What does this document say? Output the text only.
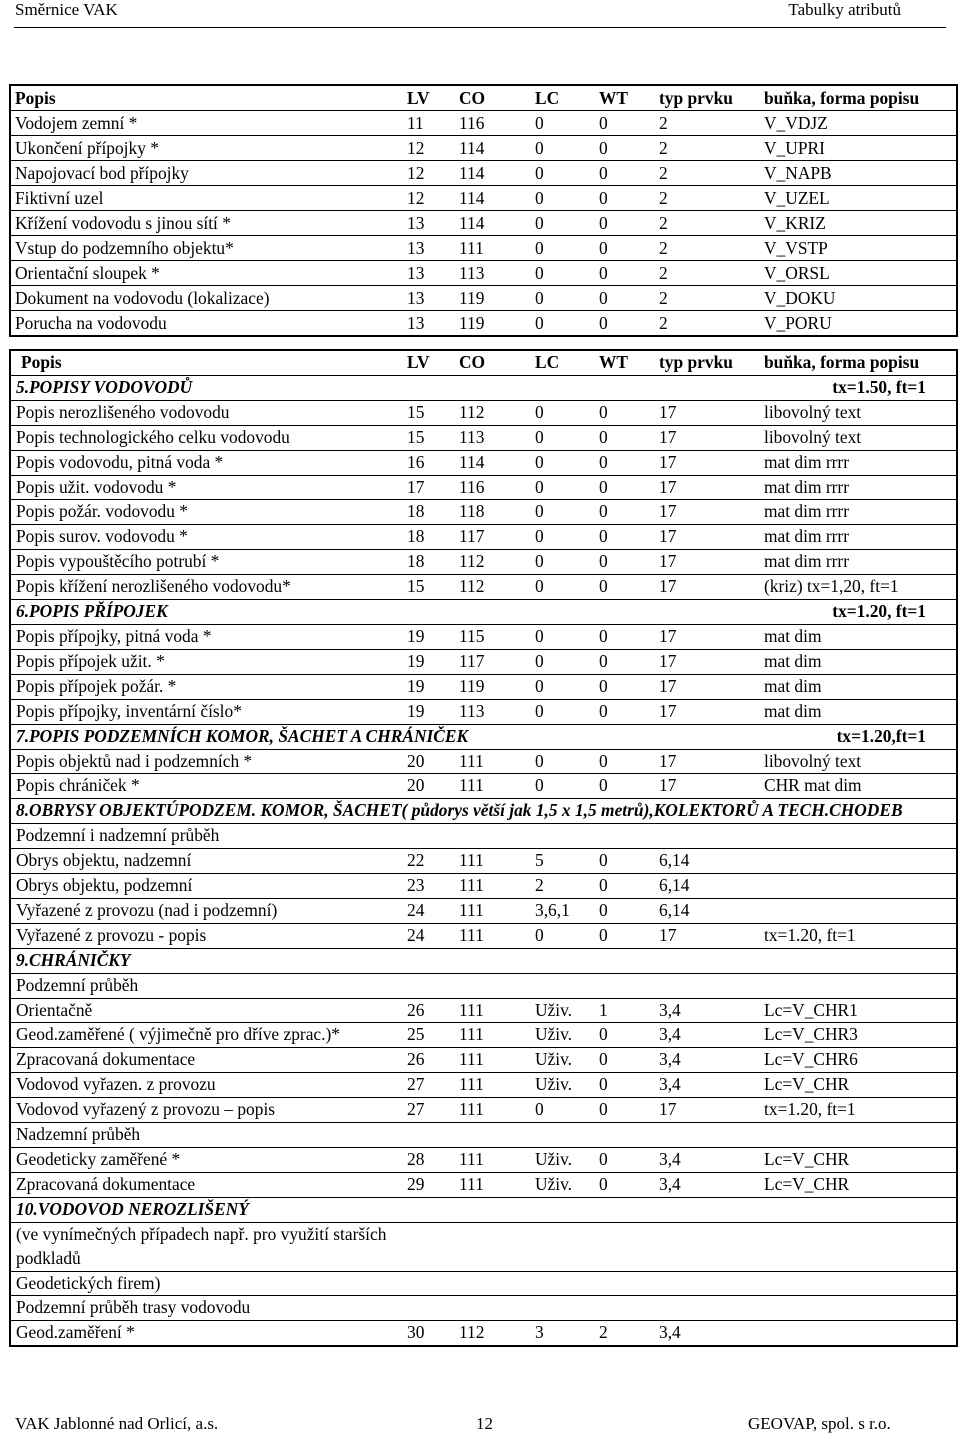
Směrnice VAK	Tabulky atributů
Popis	LV	CO	LC	WT	typ prvku	buňka, forma popisu
Vodojem zemní *	11	116	0	0	2	V_VDJZ
Ukončení přípojky *	12	114	0	0	2	V_UPRI
Napojovací bod přípojky	12	114	0	0	2	V_NAPB
Fiktivní uzel	12	114	0	0	2	V_UZEL
Křížení vodovodu s jinou sítí *	13	114	0	0	2	V_KRIZ
Vstup do podzemního objektu*	13	111	0	0	2	V_VSTP
Orientační sloupek *	13	113	0	0	2	V_ORSL
Dokument na vodovodu (lokalizace)	13	119	0	0	2	V_DOKU
Porucha na vodovodu	13	119	0	0	2	V_PORU
Popis	LV	CO	LC	WT	typ prvku	buňka, forma popisu
5.POPISY VODOVODŮ						tx=1.50, ft=1
Popis nerozlišeného vodovodu	15	112	0	0	17	libovolný text
Popis technologického celku vodovodu	15	113	0	0	17	libovolný text
Popis vodovodu, pitná voda *	16	114	0	0	17	mat dim rrrr
Popis užit. vodovodu *	17	116	0	0	17	mat dim rrrr
Popis požár. vodovodu *	18	118	0	0	17	mat dim rrrr
Popis surov. vodovodu *	18	117	0	0	17	mat dim rrrr
Popis vypouštěcího potrubí *	18	112	0	0	17	mat dim rrrr
Popis křížení nerozlišeného vodovodu*	15	112	0	0	17	(kriz) tx=1,20, ft=1
6.POPIS PŘÍPOJEK						tx=1.20, ft=1
Popis přípojky, pitná voda *	19	115	0	0	17	mat dim
Popis přípojek užit. *	19	117	0	0	17	mat dim
Popis přípojek požár. *	19	119	0	0	17	mat dim
Popis přípojky, inventární číslo*	19	113	0	0	17	mat dim
7.POPIS PODZEMNÍCH KOMOR, ŠACHET A CHRÁNIČEK						tx=1.20,ft=1
Popis objektů nad i podzemních *	20	111	0	0	17	libovolný text
Popis chrániček *	20	111	0	0	17	CHR mat dim
8.OBRYSY OBJEKTÚPODZEM. KOMOR, ŠACHET( půdorys větší jak 1,5 x 1,5 metrů),KOLEKTORŮ A TECH.CHODEB						
Podzemní i nadzemní průběh						
Obrys objektu, nadzemní	22	111	5	0	6,14	
Obrys objektu, podzemní	23	111	2	0	6,14	
Vyřazené z provozu (nad i podzemní)	24	111	3,6,1	0	6,14	
Vyřazené z provozu - popis	24	111	0	0	17	tx=1.20, ft=1
9.CHRÁNIČKY						
Podzemní průběh						
Orientačně	26	111	Uživ.	1	3,4	Lc=V_CHR1
Geod.zaměřené ( výjimečně pro dříve zprac.)*	25	111	Uživ.	0	3,4	Lc=V_CHR3
Zpracovaná dokumentace	26	111	Uživ.	0	3,4	Lc=V_CHR6
Vodovod vyřazen. z provozu	27	111	Uživ.	0	3,4	Lc=V_CHR
Vodovod vyřazený z provozu – popis	27	111	0	0	17	tx=1.20, ft=1
Nadzemní průběh						
Geodeticky zaměřené *	28	111	Uživ.	0	3,4	Lc=V_CHR
Zpracovaná dokumentace	29	111	Uživ.	0	3,4	Lc=V_CHR
10.VODOVOD NEROZLIŠENÝ						
(ve vynímečných případech např. pro využití starších podkladů						
Geodetických firem)						
Podzemní průběh trasy vodovodu						
Geod.zaměření *	30	112	3	2	3,4	
VAK Jablonné nad Orlicí, a.s.	12	GEOVAP, spol. s r.o.
